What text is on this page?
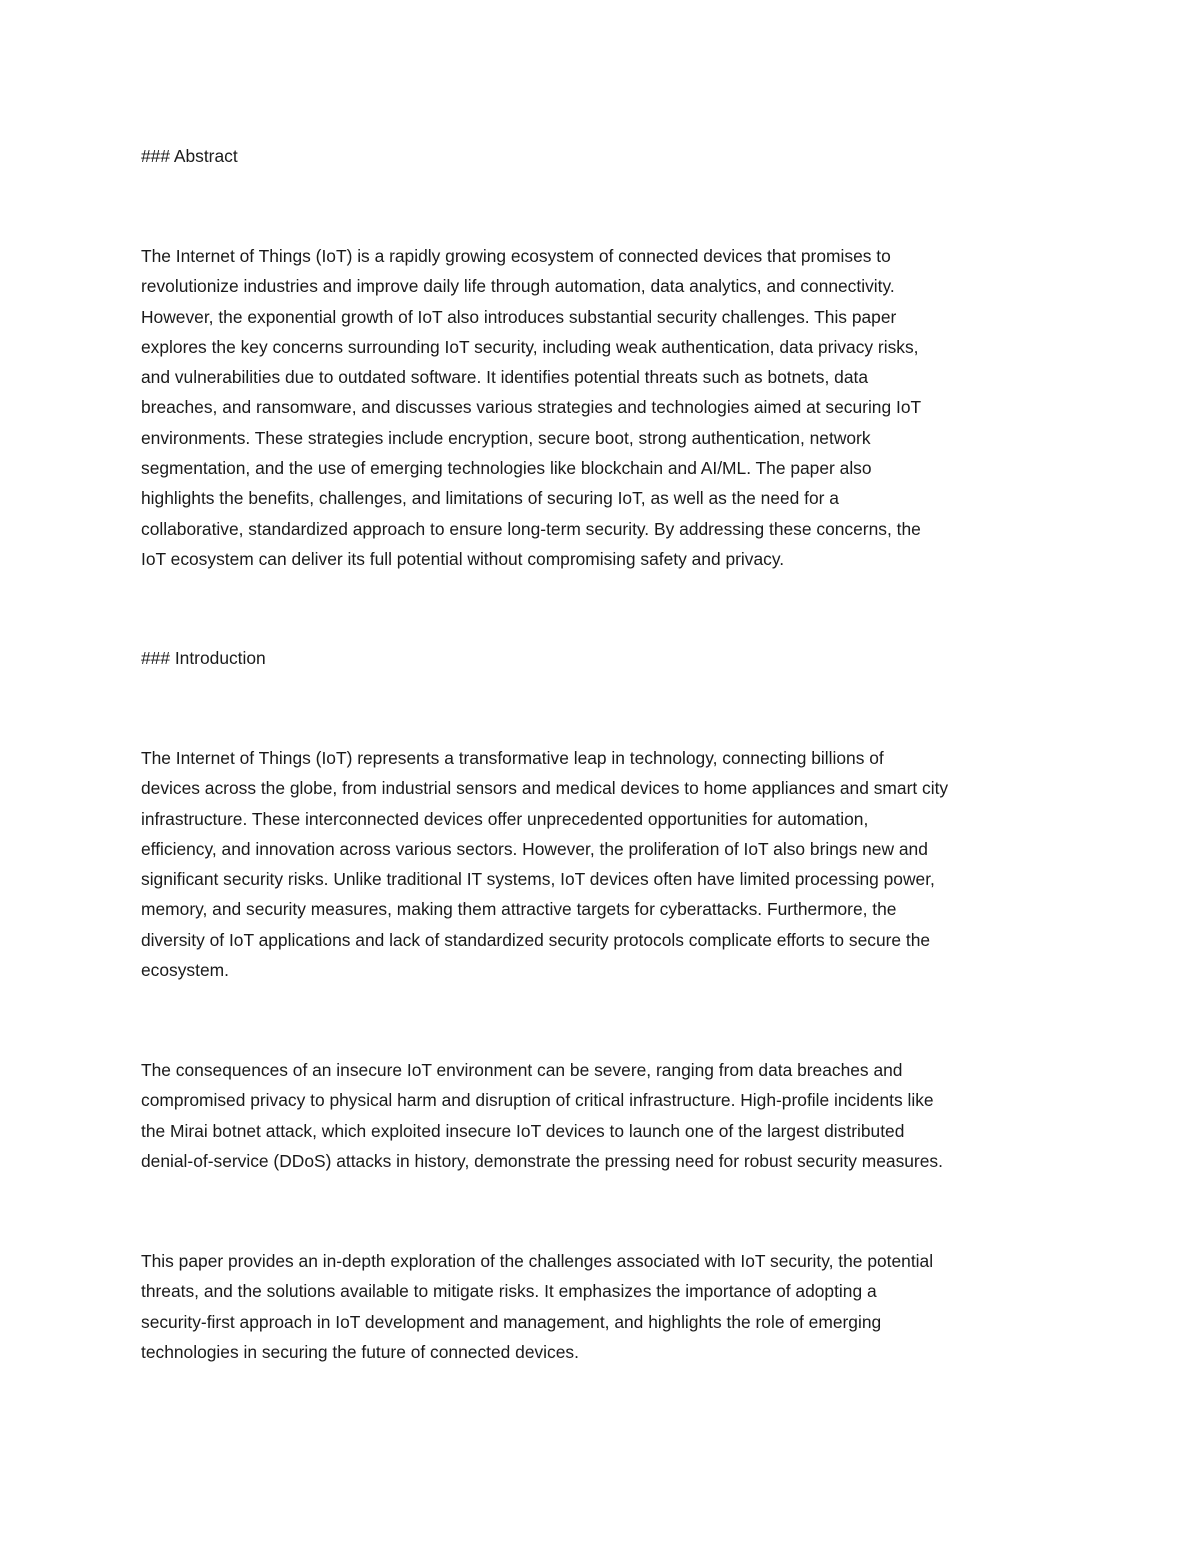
### Abstract
The Internet of Things (IoT) is a rapidly growing ecosystem of connected devices that promises to
revolutionize industries and improve daily life through automation, data analytics, and connectivity.
However, the exponential growth of IoT also introduces substantial security challenges. This paper
explores the key concerns surrounding IoT security, including weak authentication, data privacy risks,
and vulnerabilities due to outdated software. It identifies potential threats such as botnets, data
breaches, and ransomware, and discusses various strategies and technologies aimed at securing IoT
environments. These strategies include encryption, secure boot, strong authentication, network
segmentation, and the use of emerging technologies like blockchain and AI/ML. The paper also
highlights the benefits, challenges, and limitations of securing IoT, as well as the need for a
collaborative, standardized approach to ensure long-term security. By addressing these concerns, the
IoT ecosystem can deliver its full potential without compromising safety and privacy.
### Introduction
The Internet of Things (IoT) represents a transformative leap in technology, connecting billions of
devices across the globe, from industrial sensors and medical devices to home appliances and smart city
infrastructure. These interconnected devices offer unprecedented opportunities for automation,
efficiency, and innovation across various sectors. However, the proliferation of IoT also brings new and
significant security risks. Unlike traditional IT systems, IoT devices often have limited processing power,
memory, and security measures, making them attractive targets for cyberattacks. Furthermore, the
diversity of IoT applications and lack of standardized security protocols complicate efforts to secure the
ecosystem.
The consequences of an insecure IoT environment can be severe, ranging from data breaches and
compromised privacy to physical harm and disruption of critical infrastructure. High-profile incidents like
the Mirai botnet attack, which exploited insecure IoT devices to launch one of the largest distributed
denial-of-service (DDoS) attacks in history, demonstrate the pressing need for robust security measures.
This paper provides an in-depth exploration of the challenges associated with IoT security, the potential
threats, and the solutions available to mitigate risks. It emphasizes the importance of adopting a
security-first approach in IoT development and management, and highlights the role of emerging
technologies in securing the future of connected devices.
